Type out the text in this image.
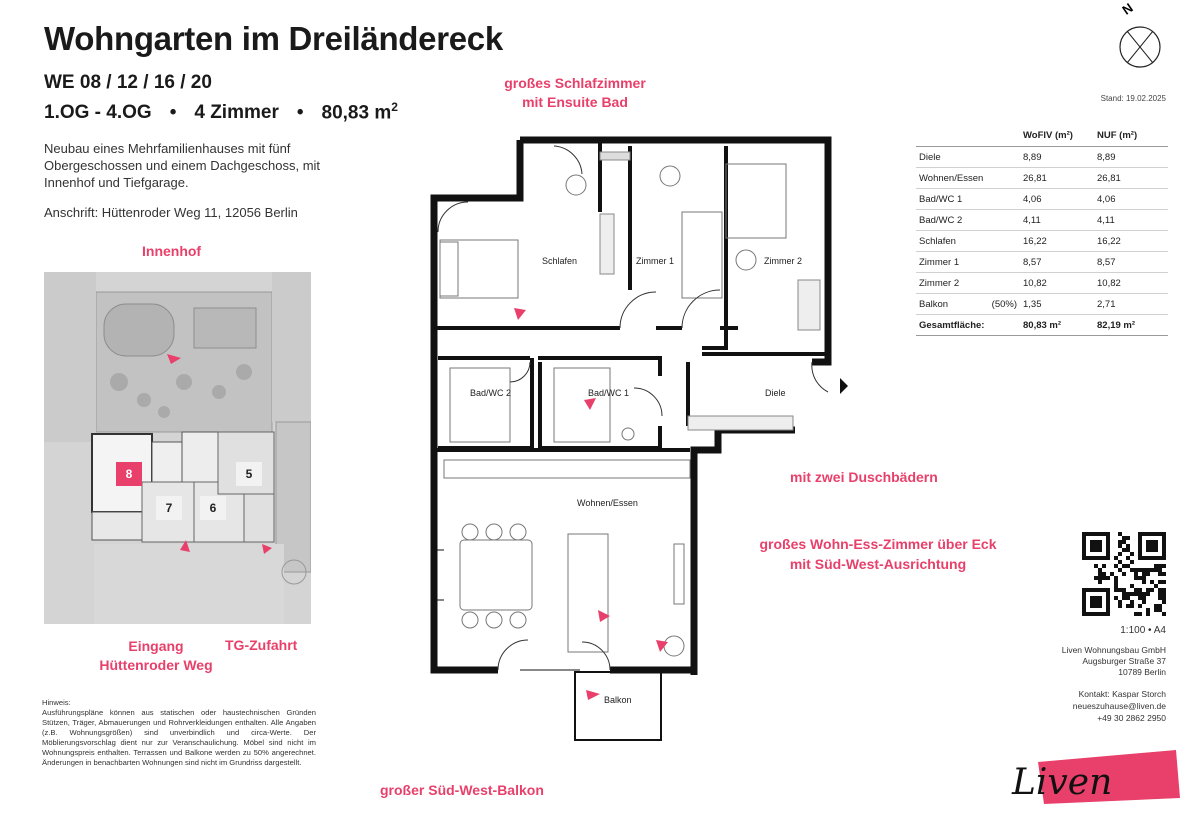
Wohngarten im Dreiländereck
WE 08 / 12 / 16 / 20
1.OG - 4.OG • 4 Zimmer • 80,83 $m^2$
Neubau eines Mehrfamilienhauses mit fünf Obergeschossen und einem Dachgeschoss, mit Innenhof und Tiefgarage.
Anschrift: Hüttenroder Weg 11, 12056 Berlin
Innenhof
8
7	6
5
Eingang
Hüttenroder Weg
TG-Zufahrt
Hinweis:
Ausführungspläne können aus statischen oder haustechnischen Gründen Stützen, Träger, Abmauerungen und Rohrverkleidungen enthalten. Alle Angaben (z.B. Wohnungsgrößen) sind unverbindlich und circa-Werte. Der Möblierungsvorschlag dient nur zur Veranschaulichung. Möbel sind nicht im Wohnungspreis enthalten. Terrassen und Balkone werden zu 50% angerechnet. Änderungen in benachbarten Wohnungen sind nicht im Grundriss dargestellt.
großes Schlafzimmer
mit Ensuite Bad
mit zwei Duschbädern
großes Wohn-Ess-Zimmer über Eck
mit Süd-West-Ausrichtung
großer Süd-West-Balkon
Schlafen	Zimmer 1	Zimmer 2
Bad/WC 2	Bad/WC 1	Diele
Wohnen/Essen
Balkon
N
Stand: 19.02.2025
	WoFlV (m²)	NUF (m²)
Diele	8,89	8,89
Wohnen/Essen	26,81	26,81
Bad/WC 1	4,06	4,06
Bad/WC 2	4,11	4,11
Schlafen	16,22	16,22
Zimmer 1	8,57	8,57
Zimmer 2	10,82	10,82
Balkon (50%)	1,35	2,71
Gesamtfläche:	80,83 m²	82,19 m²
1:100 • A4
Liven Wohnungsbau GmbH
Augsburger Straße 37
10789 Berlin
Kontakt: Kaspar Storch
neueszuhause@liven.de
+49 30 2862 2950
Liven
